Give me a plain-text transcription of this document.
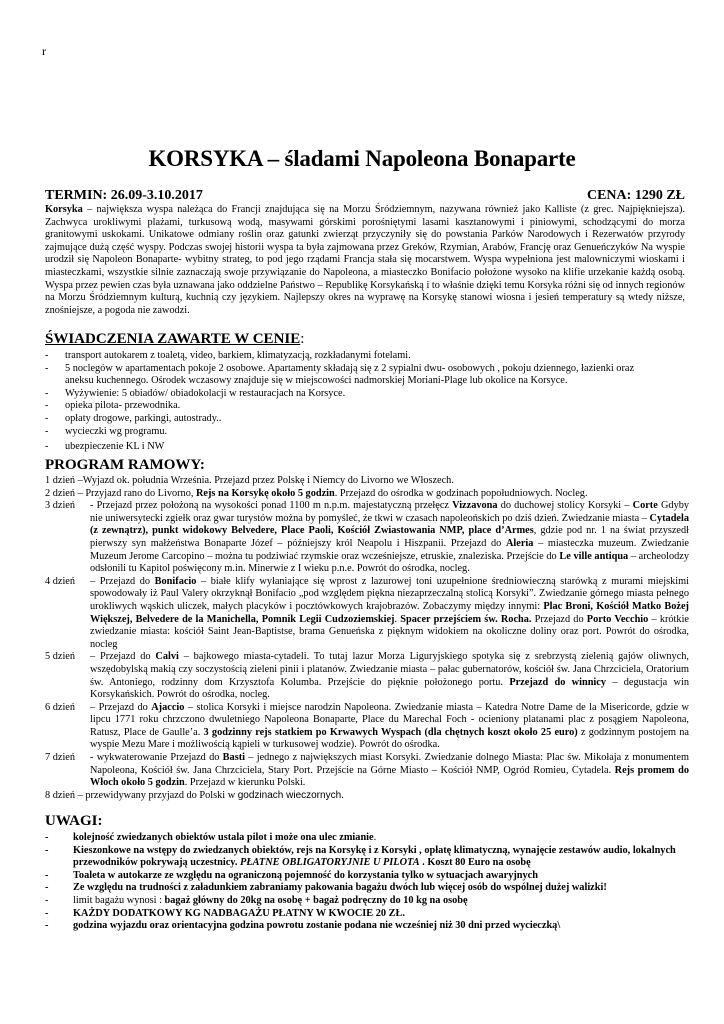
r
KORSYKA – śladami Napoleona Bonaparte
TERMIN: 26.09-3.10.2017	CENA: 1290 ZŁ
Korsyka – największa wyspa należąca do Francji znajdująca się na Morzu Śródziemnym, nazywana również jako Kalliste (z grec. Najpiękniejsza). Zachwyca urokliwymi plażami, turkusową wodą, masywami górskimi porośniętymi lasami kasztanowymi i piniowymi, schodzącymi do morza granitowymi uskokami. Unikatowe odmiany roślin oraz gatunki zwierząt przyczyniły się do powstania Parków Narodowych i Rezerwatów przyrody zajmujące dużą część wyspy. Podczas swojej historii wyspa ta była zajmowana przez Greków, Rzymian, Arabów, Francję oraz Genueńczyków Na wyspie urodził się Napoleon Bonaparte- wybitny strateg, to pod jego rządami Francja stała się mocarstwem. Wyspa wypełniona jest malowniczymi wioskami i miasteczkami, wszystkie silnie zaznaczają swoje przywiązanie do Napoleona, a miasteczko Bonifacio położone wysoko na klifie urzekanie każdą osobą. Wyspa przez pewien czas była uznawana jako oddzielne Państwo – Republikę Korsykańską i to właśnie dzięki temu Korsyka różni się od innych regionów na Morzu Śródziemnym kulturą, kuchnią czy językiem. Najlepszy okres na wyprawę na Korsykę stanowi wiosna i jesień temperatury są wtedy niższe, znośniejsze, a pogoda nie zawodzi.
ŚWIADCZENIA ZAWARTE W CENIE:
- transport autokarem z toaletą, video, barkiem, klimatyzacją, rozkładanymi fotelami.
- 5 noclegów w apartamentach pokoje 2 osobowe. Apartamenty składają się z 2 sypialni dwu- osobowych , pokoju dziennego, łazienki oraz
aneksu kuchennego. Ośrodek wczasowy znajduje się w miejscowości nadmorskiej Moriani-Plage lub okolice na Korsyce.
- Wyżywienie: 5 obiadów/ obiadokolacji w restauracjach na Korsyce.
- opieka pilota- przewodnika.
- opłaty drogowe, parkingi, autostrady..
- wycieczki wg programu.
- ubezpieczenie KL i NW
PROGRAM RAMOWY:
1 dzień –Wyjazd ok. południa Września. Przejazd przez Polskę i Niemcy do Livorno we Włoszech.
2 dzień – Przyjazd rano do Livorno, Rejs na Korsykę około 5 godzin. Przejazd do ośrodka w godzinach popołudniowych. Nocleg.
3 dzień - Przejazd przez położoną na wysokości ponad 1100 m n.p.m. majestatyczną przełęcz Vizzavona do duchowej stolicy Korsyki – Corte Gdyby nie uniwersytecki zgiełk oraz gwar turystów można by pomyśleć, że tkwi w czasach napoleońskich po dziś dzień. Zwiedzanie miasta – Cytadela (z zewnątrz), punkt widokowy Belvedere, Place Paoli, Kościół Zwiastowania NMP, place d’Armes, gdzie pod nr. 1 na świat przyszedł pierwszy syn małżeństwa Bonaparte Józef – późniejszy król Neapolu i Hiszpanii. Przejazd do Aleria – miasteczka muzeum. Zwiedzanie Muzeum Jerome Carcopino – można tu podziwiać rzymskie oraz wcześniejsze, etruskie, znaleziska. Przejście do Le ville antiqua – archeolodzy odsłonili tu Kapitol poświęcony m.in. Minerwie z I wieku p.n.e. Powrót do ośrodka, nocleg.
4 dzień – Przejazd do Bonifacio – białe klify wyłaniające się wprost z lazurowej toni uzupełnione średniowieczną starówką z murami miejskimi spowodowały iż Paul Valery okrzyknął Bonifacio „pod względem piękna niezaprzeczalną stolicą Korsyki”. Zwiedzanie górnego miasta pełnego urokliwych wąskich uliczek, małych placyków i pocztówkowych krajobrazów. Zobaczymy między innymi: Plac Broni, Kościół Matko Bożej Większej, Belvedere de la Manichella, Pomnik Legii Cudzoziemskiej. Spacer przejściem św. Rocha. Przejazd do Porto Vecchio – krótkie zwiedzanie miasta: kościół Saint Jean-Baptistse, brama Genueńska z pięknym widokiem na okoliczne doliny oraz port. Powrót do ośrodka, nocleg
5 dzień – Przejazd do Calvi – bajkowego miasta-cytadeli. To tutaj lazur Morza Liguryjskiego spotyka się z srebrzystą zielenią gajów oliwnych, wszędobylską makią czy soczystością zieleni pinii i platanów. Zwiedzanie miasta – pałac gubernatorów, kościół św. Jana Chrzciciela, Oratorium św. Antoniego, rodzinny dom Krzysztofa Kolumba. Przejście do pięknie położonego portu. Przejazd do winnicy – degustacja win Korsykańskich. Powrót do ośrodka, nocleg.
6 dzień – Przejazd do Ajaccio – stolica Korsyki i miejsce narodzin Napoleona. Zwiedzanie miasta – Katedra Notre Dame de la Misericorde, gdzie w lipcu 1771 roku chrzczono dwuletniego Napoleona Bonaparte, Place du Marechal Foch - ocieniony platanami plac z posągiem Napoleona, Ratusz, Place de Gaulle’a. 3 godzinny rejs statkiem po Krwawych Wyspach (dla chętnych koszt około 25 euro) z godzinnym postojem na wyspie Mezu Mare i możliwością kąpieli w turkusowej wodzie). Powrót do ośrodka.
7 dzień - wykwaterowanie Przejazd do Basti – jednego z największych miast Korsyki. Zwiedzanie dolnego Miasta: Plac św. Mikołaja z monumentem Napoleona, Kościół św. Jana Chrzciciela, Stary Port. Przejście na Górne Miasto – Kościół NMP, Ogród Romieu, Cytadela. Rejs promem do Włoch około 5 godzin. Przejazd w kierunku Polski.
8 dzień – przewidywany przyjazd do Polski w godzinach wieczornych.
UWAGI:
- kolejność zwiedzanych obiektów ustala pilot i może ona ulec zmianie.
- Kieszonkowe na wstępy do zwiedzanych obiektów, rejs na Korsykę i z Korsyki , opłatę klimatyczną, wynajęcie zestawów audio, lokalnych przewodników pokrywają uczestnicy. PŁATNE OBLIGATORYJNIE U PILOTA . Koszt 80 Euro na osobę
- Toaleta w autokarze ze względu na ograniczoną pojemność do korzystania tylko w sytuacjach awaryjnych
- Ze względu na trudności z załadunkiem zabraniamy pakowania bagażu dwóch lub więcej osób do wspólnej dużej walizki!
- limit bagażu wynosi : bagaż główny do 20kg na osobę + bagaż podręczny do 10 kg na osobę
- KAŻDY DODATKOWY KG NADBAGAŻU PŁATNY W KWOCIE 20 ZŁ.
- godzina wyjazdu oraz orientacyjna godzina powrotu zostanie podana nie wcześniej niż 30 dni przed wycieczką\
